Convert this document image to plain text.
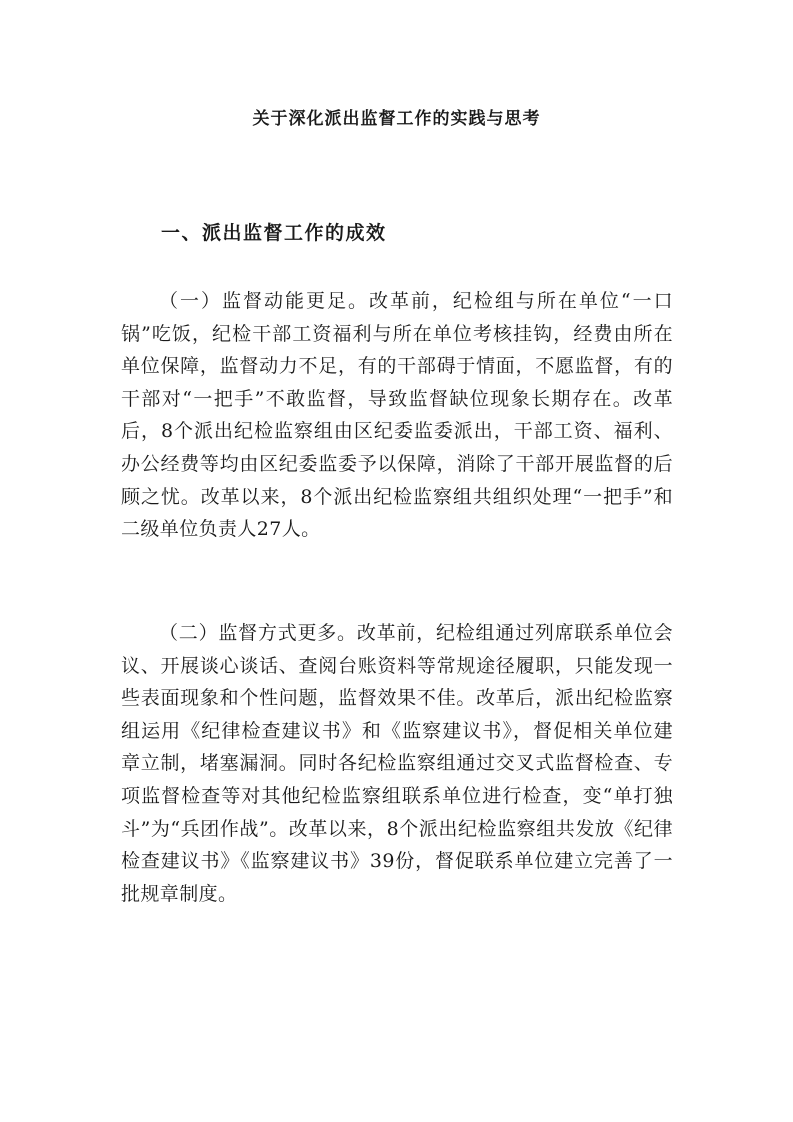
关于深化派出监督工作的实践与思考
一、派出监督工作的成效

（一）监督动能更足。改革前，纪检组与所在单位“一口锅”吃饭，纪检干部工资福利与所在单位考核挂钩，经费由所在单位保障，监督动力不足，有的干部碍于情面，不愿监督，有的干部对“一把手”不敢监督，导致监督缺位现象长期存在。改革后，8个派出纪检监察组由区纪委监委派出，干部工资、福利、办公经费等均由区纪委监委予以保障，消除了干部开展监督的后顾之忧。改革以来，8个派出纪检监察组共组织处理“一把手”和二级单位负责人27人。

（二）监督方式更多。改革前，纪检组通过列席联系单位会议、开展谈心谈话、查阅台账资料等常规途径履职，只能发现一些表面现象和个性问题，监督效果不佳。改革后，派出纪检监察组运用《纪律检查建议书》和《监察建议书》，督促相关单位建章立制，堵塞漏洞。同时各纪检监察组通过交叉式监督检查、专项监督检查等对其他纪检监察组联系单位进行检查，变“单打独斗”为“兵团作战”。改革以来，8个派出纪检监察组共发放《纪律检查建议书》《监察建议书》39份，督促联系单位建立完善了一批规章制度。
